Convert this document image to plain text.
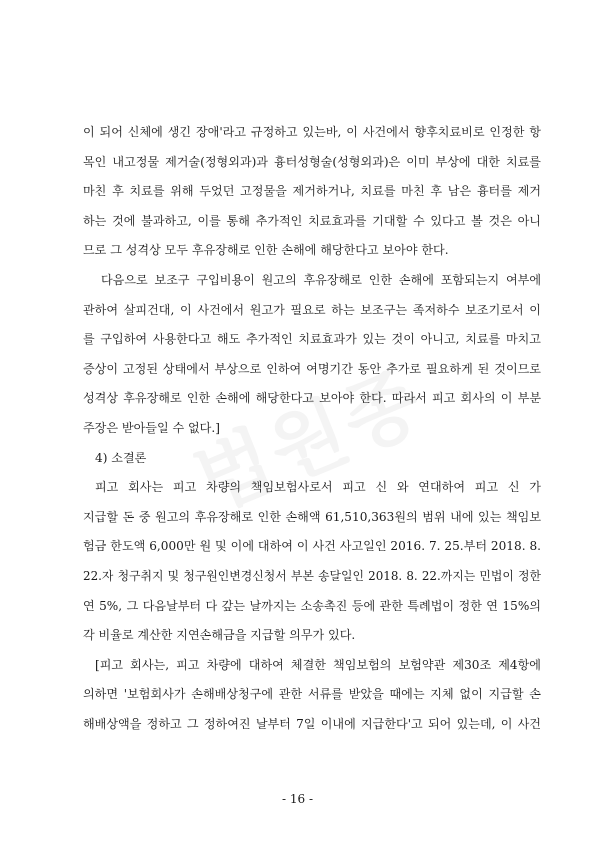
이 되어 신체에 생긴 장애'라고 규정하고 있는바, 이 사건에서 향후치료비로 인정한 항
목인 내고정물 제거술(정형외과)과 흉터성형술(성형외과)은 이미 부상에 대한 치료를
마친 후 치료를 위해 두었던 고정물을 제거하거나, 치료를 마친 후 남은 흉터를 제거
하는 것에 불과하고, 이를 통해 추가적인 치료효과를 기대할 수 있다고 볼 것은 아니
므로 그 성격상 모두 후유장해로 인한 손해에 해당한다고 보아야 한다.
다음으로 보조구 구입비용이 원고의 후유장해로 인한 손해에 포함되는지 여부에
관하여 살피건대, 이 사건에서 원고가 필요로 하는 보조구는 족저하수 보조기로서 이
를 구입하여 사용한다고 해도 추가적인 치료효과가 있는 것이 아니고, 치료를 마치고
증상이 고정된 상태에서 부상으로 인하여 여명기간 동안 추가로 필요하게 된 것이므로
성격상 후유장해로 인한 손해에 해당한다고 보아야 한다. 따라서 피고 회사의 이 부분
주장은 받아들일 수 없다.]
4) 소결론
피고 회사는 피고 차량의 책임보험사로서 피고 신 와 연대하여 피고 신 가
지급할 돈 중 원고의 후유장해로 인한 손해액 61,510,363원의 범위 내에 있는 책임보
험금 한도액 6,000만 원 및 이에 대하여 이 사건 사고일인 2016. 7. 25.부터 2018. 8.
22.자 청구취지 및 청구원인변경신청서 부본 송달일인 2018. 8. 22.까지는 민법이 정한
연 5%, 그 다음날부터 다 갚는 날까지는 소송촉진 등에 관한 특례법이 정한 연 15%의
각 비율로 계산한 지연손해금을 지급할 의무가 있다.
[피고 회사는, 피고 차량에 대하여 체결한 책임보험의 보험약관 제30조 제4항에
의하면 '보험회사가 손해배상청구에 관한 서류를 받았을 때에는 지체 없이 지급할 손
해배상액을 정하고 그 정하여진 날부터 7일 이내에 지급한다'고 되어 있는데, 이 사건
- 16 -
